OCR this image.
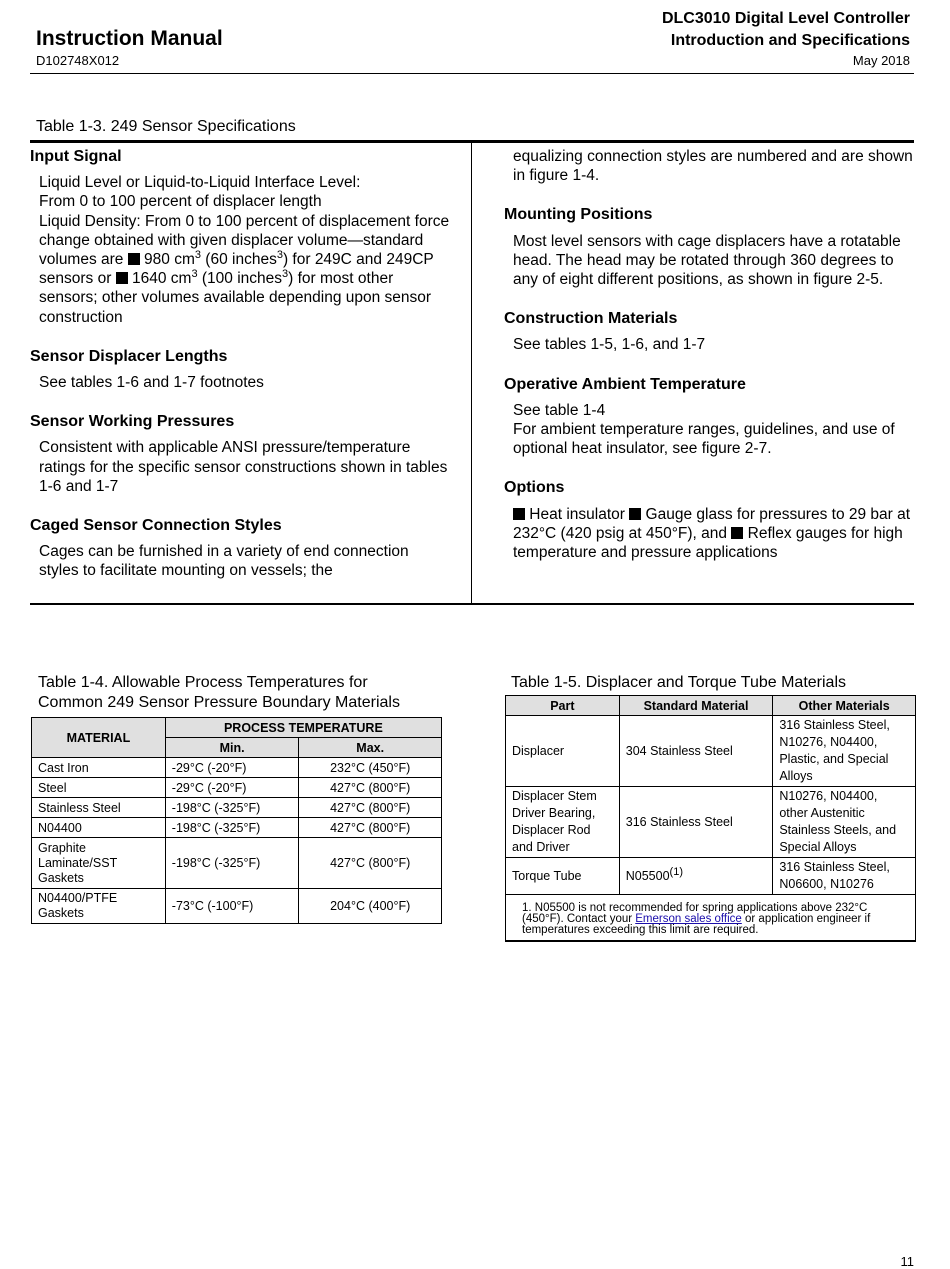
Instruction Manual
D102748X012
DLC3010 Digital Level Controller
Introduction and Specifications
May 2018
Table 1-3. 249 Sensor Specifications
Input Signal

Liquid Level or Liquid-to-Liquid Interface Level:

From 0 to 100 percent of displacer length

Liquid Density: From 0 to 100 percent of displacement force change obtained with given displacer volume—standard volumes are  980 $cm^3$ (60 inches$^3$) for 249C and 249CP sensors or  1640 $cm^3$ (100 inches$^3$) for most other sensors; other volumes available depending upon sensor construction

Sensor Displacer Lengths

See tables 1-6 and 1-7 footnotes

Sensor Working Pressures

Consistent with applicable ANSI pressure/temperature ratings for the specific sensor constructions shown in tables 1-6 and 1-7

Caged Sensor Connection Styles

Cages can be furnished in a variety of end connection styles to facilitate mounting on vessels; the

equalizing connection styles are numbered and are shown in figure 1-4.

Mounting Positions

Most level sensors with cage displacers have a rotatable head. The head may be rotated through 360 degrees to any of eight different positions, as shown in figure 2-5.

Construction Materials

See tables 1-5, 1-6, and 1-7

Operative Ambient Temperature

See table 1-4

For ambient temperature ranges, guidelines, and use of optional heat insulator, see figure 2-7.

Options

Heat insulator  Gauge glass for pressures to 29 bar at 232°C (420 psig at 450°F), and  Reflex gauges for high temperature and pressure applications

Table 1-4. Allowable Process Temperatures for
Common 249 Sensor Pressure Boundary Materials
MATERIAL	PROCESS TEMPERATURE	
	Min.	Max.
Cast Iron	-29°C (-20°F)	232°C (450°F)
Steel	-29°C (-20°F)	427°C (800°F)
Stainless Steel	-198°C (-325°F)	427°C (800°F)
N04400	-198°C (-325°F)	427°C (800°F)

Graphite
Laminate/SST
Gaskets	-198°C (-325°F)	427°C (800°F)

N04400/PTFE
Gaskets	-73°C (-100°F)	204°C (400°F)
Table 1-5. Displacer and Torque Tube Materials
Part	Standard Material	Other Materials
Displacer	304 Stainless Steel	316 Stainless Steel, N10276, N04400, Plastic, and Special Alloys
Displacer Stem Driver Bearing, Displacer Rod and Driver	316 Stainless Steel	N10276, N04400, other Austenitic Stainless Steels, and Special Alloys
Torque Tube	N05500$^{(1)}$	316 Stainless Steel, N06600, N10276
1. N05500 is not recommended for spring applications above 232°C (450°F). Contact your Emerson sales office or application engineer if temperatures exceeding this limit are required.		
11
